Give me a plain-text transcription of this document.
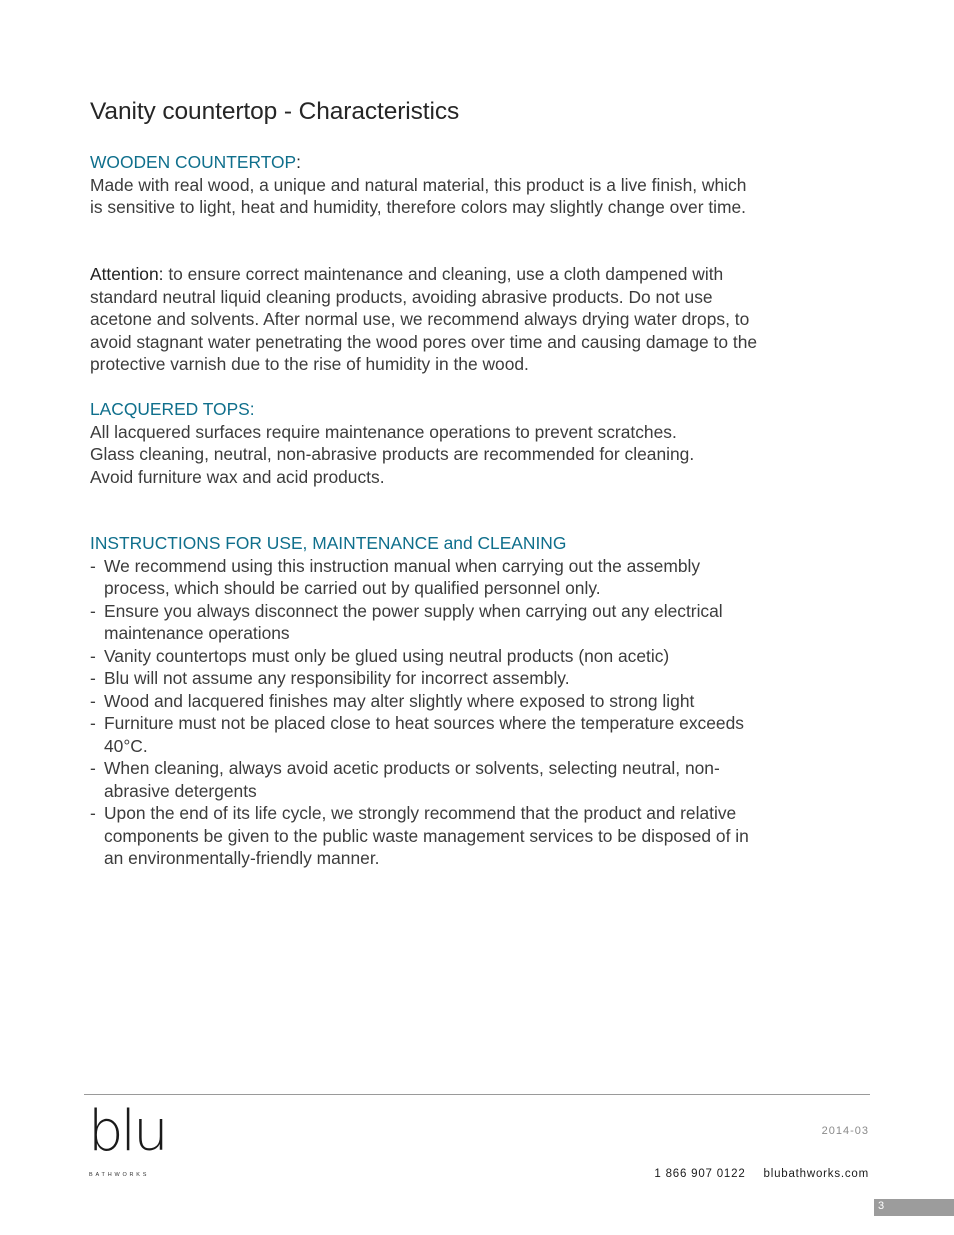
Vanity countertop - Characteristics

WOODEN COUNTERTOP:

Made with real wood, a unique and natural material, this product is a live finish, which is sensitive to light, heat and humidity, therefore colors may slightly change over time.

Attention: to ensure correct maintenance and cleaning, use a cloth dampened with standard neutral liquid cleaning products, avoiding abrasive products. Do not use acetone and solvents. After normal use, we recommend always drying water drops, to avoid stagnant water penetrating the wood pores over time and causing damage to the protective varnish due to the rise of humidity in the wood.

LACQUERED TOPS:

All lacquered surfaces require maintenance operations to prevent scratches.
Glass cleaning, neutral, non-abrasive products are recommended for cleaning.
Avoid furniture wax and acid products.

INSTRUCTIONS FOR USE, MAINTENANCE and CLEANING

- We recommend using this instruction manual when carrying out the assembly process, which should be carried out by qualified personnel only.
- Ensure you always disconnect the power supply when carrying out any electrical maintenance operations
- Vanity countertops must only be glued using neutral products (non acetic)
- Blu will not assume any responsibility for incorrect assembly.
- Wood and lacquered finishes may alter slightly where exposed to strong light
- Furniture must not be placed close to heat sources where the temperature exceeds 40°C.
- When cleaning, always avoid acetic products or solvents, selecting neutral, non-abrasive detergents
- Upon the end of its life cycle, we strongly recommend that the product and relative components be given to the public waste management services to be disposed of in an environmentally-friendly manner.
blu
BATHWORKS
2014-03
1 866 907 0122 blubathworks.com
3
